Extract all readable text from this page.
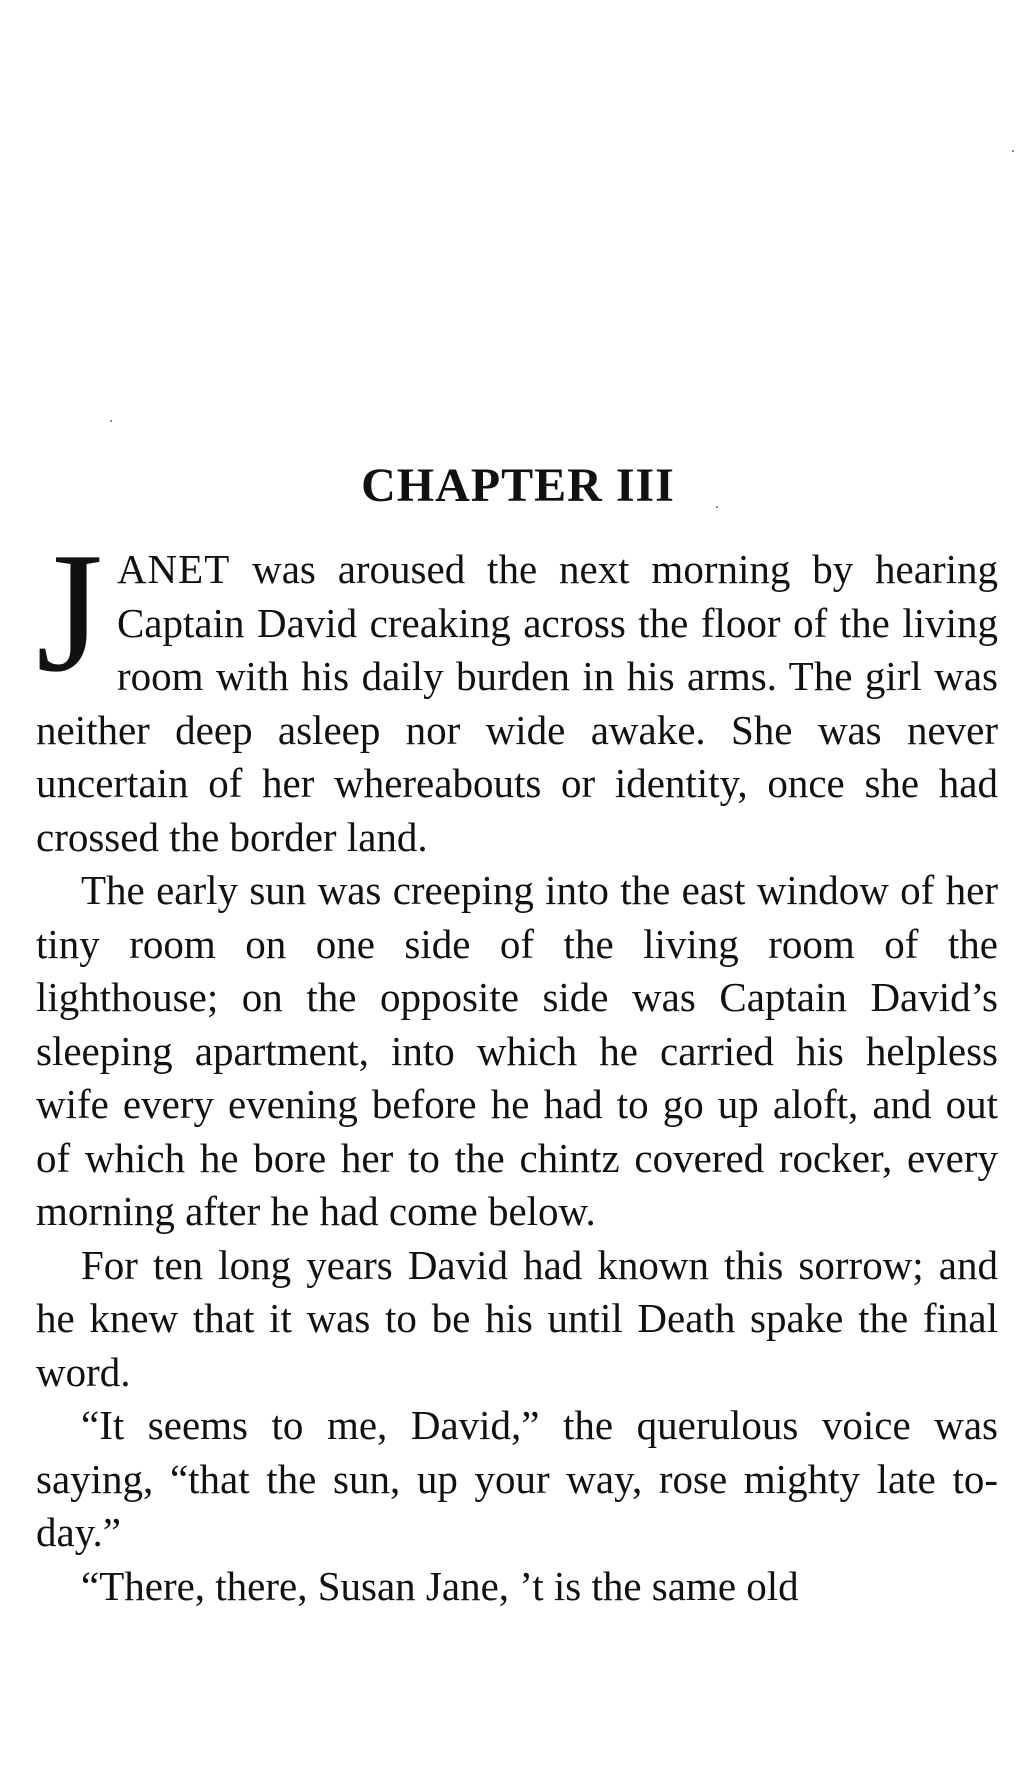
CHAPTER III

JANET was aroused the next morning by hearing Captain David creaking across the floor of the living room with his daily burden in his arms. The girl was neither deep asleep nor wide awake. She was never uncertain of her whereabouts or identity, once she had crossed the border land.

The early sun was creeping into the east window of her tiny room on one side of the living room of the lighthouse; on the opposite side was Captain David’s sleeping apartment, into which he carried his helpless wife every evening before he had to go up aloft, and out of which he bore her to the chintz covered rocker, every morning after he had come below.

For ten long years David had known this sorrow; and he knew that it was to be his until Death spake the final word.

“It seems to me, David,” the querulous voice was saying, “that the sun, up your way, rose mighty late to-day.”

“There, there, Susan Jane, ’t is the same old
